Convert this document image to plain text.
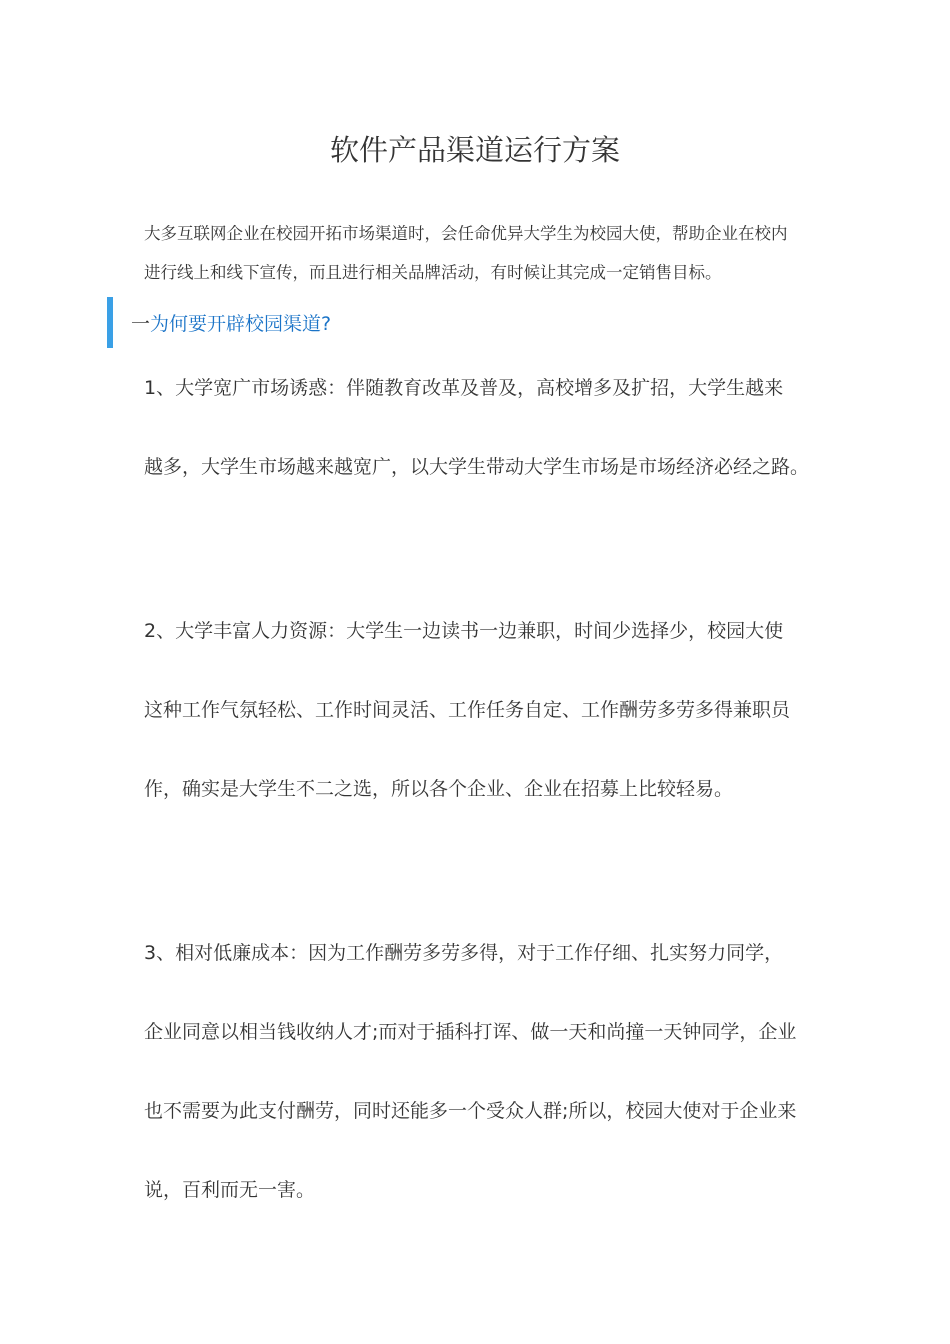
软件产品渠道运行方案
大多互联网企业在校园开拓市场渠道时，会任命优异大学生为校园大使，帮助企业在校内
进行线上和线下宣传，而且进行相关品牌活动，有时候让其完成一定销售目标。
一为何要开辟校园渠道?
1、大学宽广市场诱惑：伴随教育改革及普及，高校增多及扩招，大学生越来
越多，大学生市场越来越宽广，以大学生带动大学生市场是市场经济必经之路。
2、大学丰富人力资源：大学生一边读书一边兼职，时间少选择少，校园大使
这种工作气氛轻松、工作时间灵活、工作任务自定、工作酬劳多劳多得兼职员
作，确实是大学生不二之选，所以各个企业、企业在招募上比较轻易。
3、相对低廉成本：因为工作酬劳多劳多得，对于工作仔细、扎实努力同学，
企业同意以相当钱收纳人才;而对于插科打诨、做一天和尚撞一天钟同学，企业
也不需要为此支付酬劳，同时还能多一个受众人群;所以，校园大使对于企业来
说，百利而无一害。
